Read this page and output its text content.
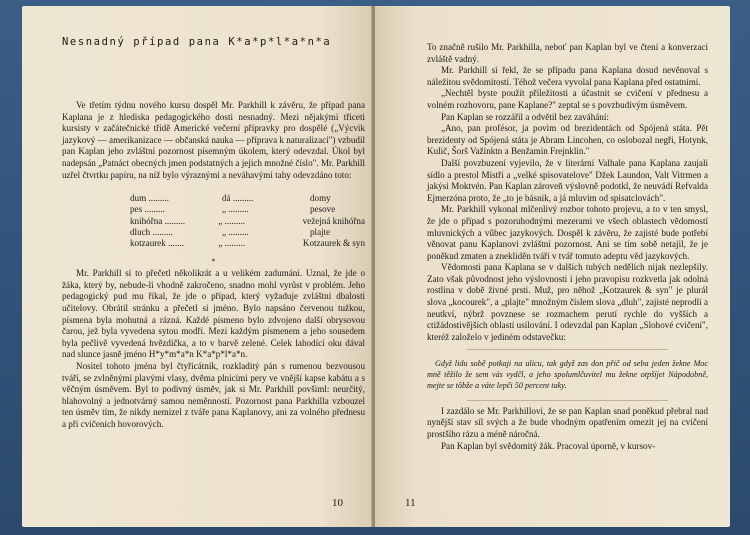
Nesnadný případ pana K*a*p*l*a*n*a

Ve třetím týdnu nového kursu dospěl Mr. Parkhill k závěru, že případ pana Kaplana je z hlediska pedagogického dosti nesnadný. Mezi nějakými třiceti kursisty v začátečnické třídě Americké večerní přípravky pro dospělé („Výcvik jazykový — amerikanizace — občanská nauka — příprava k naturalizaci") vzbudil pan Kaplan jeho zvláštní pozornost písemným úkolem, který odevzdal. Úkol byl nadepsán „Patnáct obecných jmen podstatných a jejich množné číslo". Mr. Parkhill uzřel čtvrtku papíru, na níž bylo výraznými a neváhavými tahy odevzdáno toto:

dum .........	dá .........	domy
pes .........	„ .........	pesove
knihóřna .........	„ .........	vežejná knihóřna
dluch .........	„ .........	plajte
kotzaurek .......	„ .........	Kotzaurek & syn
*

Mr. Parkhill si to přečetl několikrát a u velikém zadumání. Uznal, že jde o žáka, který by, nebude-li vhodně zakročeno, snadno mohl vyrůst v problém. Jeho pedagogický pud mu říkal, že jde o případ, který vyžaduje zvláštní dbalosti učitelovy. Obrátil stránku a přečetl si jméno. Bylo napsáno červenou tužkou, písmena byla mohutná a rázná. Každé písmeno bylo zdvojeno další obrysovou čarou, jež byla vyvedena sytou modří. Mezi každým písmenem a jeho sousedem byla pečlivě vyvedená hvězdička, a to v barvě zelené. Celek lahodící oku dával nad slunce jasně jméno H*y*m*a*n K*a*p*l*a*n.

Nositel tohoto jména byl čtyřicátník, rozkladitý pán s rumenou bezvousou tváří, se zvlněnými plavými vlasy, dvěma plnicími pery ve vnější kapse kabátu a s věčným úsměvem. Byl to podivný úsměv, jak si Mr. Parkhill povšiml: neurčitý, blahovolný a jednotvárný samou neměnností. Pozornost pana Parkhilla vzbouzel ten úsměv tím, že nikdy nemizel z tváře pana Kaplanovy, ani za volného přednesu a při cvičeních hovorových.

10

To značně rušilo Mr. Parkhilla, neboť pan Kaplan byl ve čtení a konverzaci zvláště vadný.

Mr. Parkhill si řekl, že se případu pana Kaplana dosud nevěnoval s náležitou svědomitostí. Téhož večera vyvolal pana Kaplana před ostatními.

„Nechtěl byste použít příležitosti a účastnit se cvičení v přednesu a volném rozhovoru, pane Kaplane?" zeptal se s povzbudivým úsměvem.

Pan Kaplan se rozzářil a odvětil bez zaváhání:

„Ano, pan profésor, ja povim od brezidentách od Spójená státa. Pět brezidenty od Spójená státa je Abram Lincohen, co oslobozal negři, Hotynk, Kulič, Šorš Važinktn a Benžamin Frejnklin."

Další povzbuzení vyjevilo, že v literární Valhale pana Kaplana zaujali sídlo a prestol Mistři a „velké spisovatelove" Džek Laundon, Valt Vitrmen a jakýsi Moktvén. Pan Kaplan zároveň výslovně podotkl, že neuvádí Refvalda Ejmerzóna proto, že „to je básnik, a já mluvim od spisatclovách".

Mr. Parkhill vykonal mlčenlivý rozbor tohoto projevu, a to v ten smysl, že jde o případ s pozoruhodnými mezerami ve všech oblastech vědomostí mluvnických a vůbec jazykových. Dospěl k závěru, že zajisté bude potřebí věnovat panu Kaplanovi zvláštní pozornost. Ani se tím sobě netajil, že je poněkud zmaten a znekliděn tváří v tvář tomuto adeptu věd jazykových.

Vědomosti pana Kaplana se v dalších tubých nedělích nijak nezlepšily. Zato však původnost jeho výslovnosti i jeho pravopisu rozkvetla jak odolná rostlina v době živné prsti. Muž, pro něhož „Kotzaurek & syn" je plurál slova „kocourek", a „plajte" množným číslem slova „dluh", zajisté neprodlí a neutkví, nýbrž povznese se rozmachem perutí rychle do vyšších a ctižádostivějších oblastí usilování. I odevzdal pan Kaplan „Slohové cvičení", kteréž založelo v jediném odstavečku:

Gdyž lidu sobě potkaji na ulicu, tak gdyž zas don přič od seba jeden žekne Moc mně těžilo že sem vás vydčl, a jeho spolumlčuvitel mu žekne otpšíjet Nápodobně, mejte se tôbže a váte lepči 50 percent taky.

I zazdálo se Mr. Parkhillovi, že se pan Kaplan snad poněkud přebral nad nynější stav síl svých a že bude vhodným opatřením omezit jej na cvičení prostšího rázu a méně náročná.

Pan Kaplan byl svědomitý žák. Pracoval úporně, v kursov-

11
